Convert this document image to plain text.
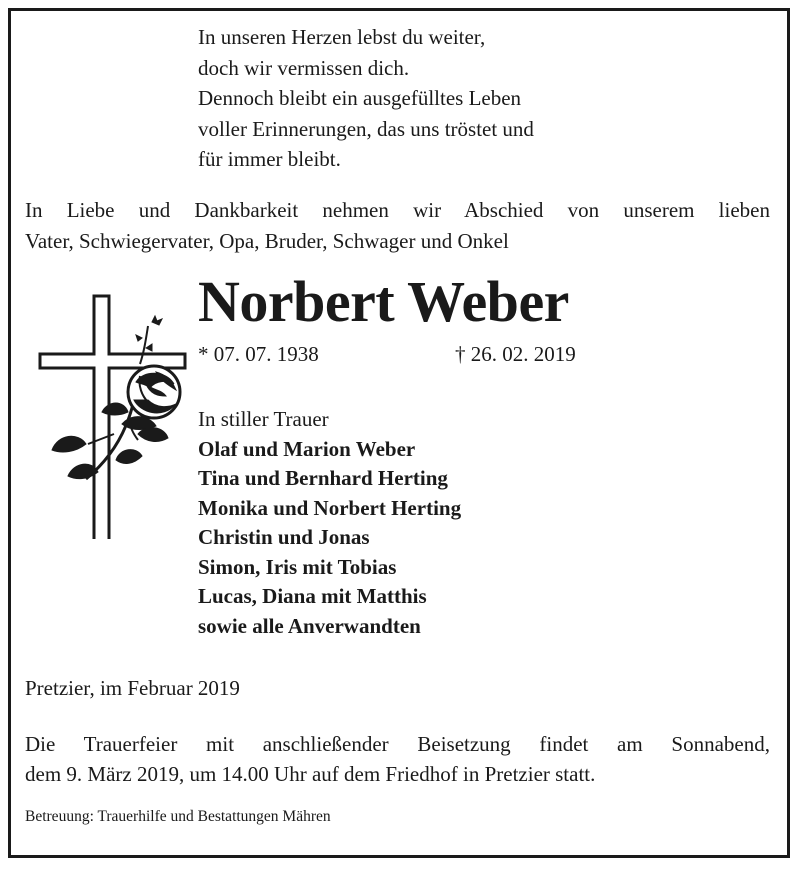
In unseren Herzen lebst du weiter,
doch wir vermissen dich.
Dennoch bleibt ein ausgefülltes Leben
voller Erinnerungen, das uns tröstet und
für immer bleibt.
In Liebe und Dankbarkeit nehmen wir Abschied von unserem lieben
Vater, Schwiegervater, Opa, Bruder, Schwager und Onkel
Norbert Weber
* 07. 07. 1938	† 26. 02. 2019
In stiller Trauer
Olaf und Marion Weber
Tina und Bernhard Herting
Monika und Norbert Herting
Christin und Jonas
Simon, Iris mit Tobias
Lucas, Diana mit Matthis
sowie alle Anverwandten
Pretzier, im Februar 2019
Die Trauerfeier mit anschließender Beisetzung findet am Sonnabend,
dem 9. März 2019, um 14.00 Uhr auf dem Friedhof in Pretzier statt.
Betreuung: Trauerhilfe und Bestattungen Mähren
